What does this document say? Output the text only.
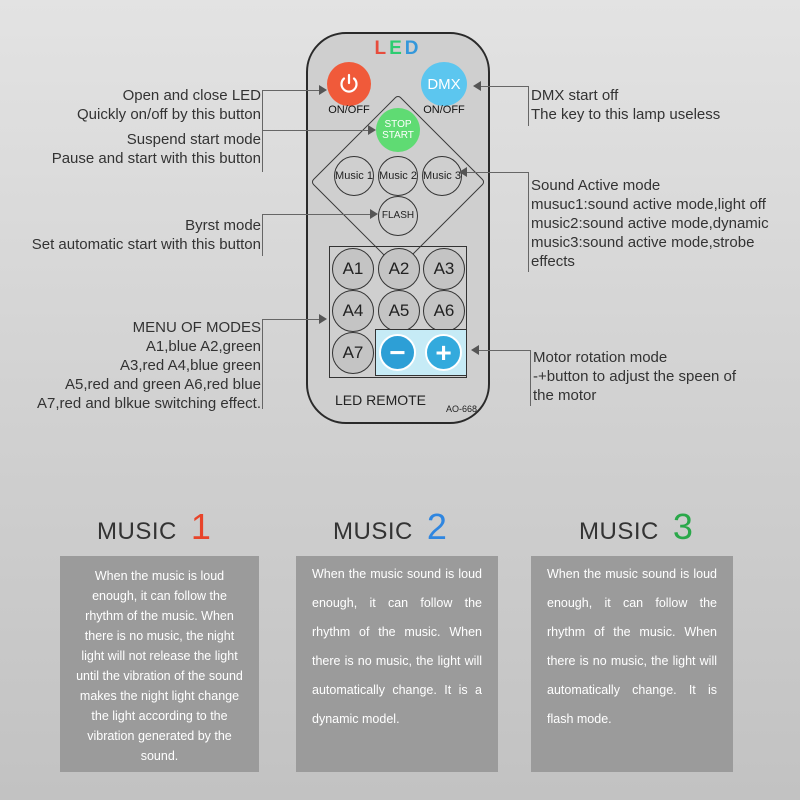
LED
ON/OFF
DMX
ON/OFF
STOP START
Music 1 Music 2 Music 3
FLASH
A1	A2	A3
A4	A5	A6
A7 −	+
LED REMOTE
AO-668
Open and close LED
Quickly on/off by this button
Suspend start mode
Pause and start with this button
Byrst mode
Set automatic start with this button
MENU OF MODES
A1,blue A2,green
A3,red A4,blue green
A5,red and green A6,red blue
A7,red and blkue switching effect.
DMX start off
The key to this lamp useless
Sound Active mode
musuc1:sound active mode,light off
music2:sound active mode,dynamic
music3:sound active mode,strobe
effects
Motor rotation mode
-+button to adjust the speen of
the motor
MUSIC 1
When the music is loud enough, it can follow the rhythm of the music. When there is no music, the night light will not release the light until the vibration of the sound makes the night light change the light according to the vibration generated by the sound.
MUSIC 2
When the music sound is loud enough, it can follow the rhythm of the music. When there is no music, the light will automatically change. It is a dynamic model.
MUSIC 3
When the music sound is loud enough, it can follow the rhythm of the music. When there is no music, the light will automatically change. It is flash mode.
